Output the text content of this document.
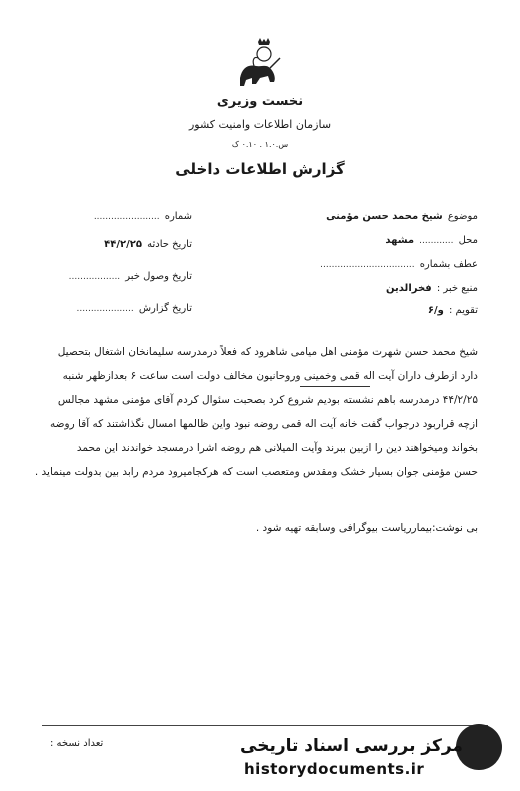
نخست وزیری
سازمان اطلاعات وامنیت کشور
س.۱.۰ . ۰.۱۰ ک
گزارش اطلاعات داخلی
موضوع شیخ محمد حسن مؤمنی
محل ............ مشهد
عطف بشماره .................................
منبع خبر : فخرالدین
تقویم : و/۶
شماره .......................
تاریخ حادثه ۴۴/۲/۲۵
تاریخ وصول خبر ..................
تاریخ گزارش ....................
شیخ محمد حسن شهرت مؤمنی اهل میامی شاهرود که فعلاً درمدرسه سلیمانخان اشتغال بتحصیل
دارد ازطرف داران آیت اله قمی وخمینی وروحانیون مخالف دولت است ساعت ۶ بعدازظهر شنبه
۴۴/۲/۲۵ درمدرسه باهم نشسته بودیم شروع کرد بصحبت سئوال کردم آقای مؤمنی مشهد مجالس
ازچه قراربود درجواب گفت خانه آیت اله قمی روضه نبود واین ظالمها امسال نگذاشتند که آقا روضه
بخواند ومیخواهند دین را ازبین ببرند وآیت المیلانی هم روضه اشرا درمسجد خواندند این محمد
حسن مؤمنی جوان بسیار خشک ومقدس ومتعصب است که هرکجامیرود مردم رابد بین بدولت مینماید .
بی نوشت:بیمارریاست بیوگرافی وسابقه تهیه شود .
تعداد نسخه :	مرکز بررسی اسناد تاریخی
historydocuments.ir
